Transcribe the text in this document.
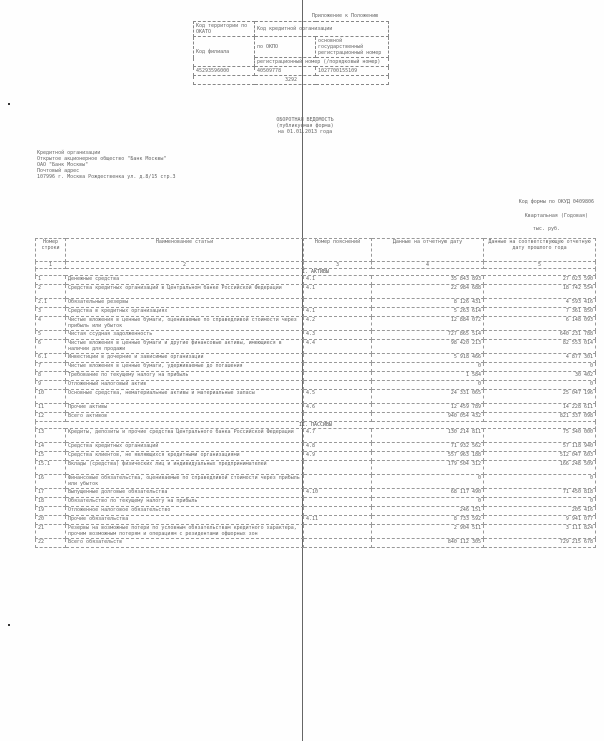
Приложение к Положению
Код территории по ОКАТО	Код кредитной организации	
Код филиала	по ОКПО	основной государственный регистрационный номер
	регистрационный номер (/порядковый номер)	
45293596000	40509778	1027700155109
3292		
ОБОРОТНАЯ ВЕДОМОСТЬ
(публикуемая форма)
на 01.01.2013 года
Кредитной организации
Открытое акционерное общество "Банк Москвы"
ОАО "Банк Москвы"
Почтовый адрес
107996 г. Москва Рождественка ул. д.8/15 стр.3
Код формы по ОКУД 0409806
Квартальная (Годовая)
тыс. руб.
Номер строки	Наименование статьи	Номер пояснений	Данные на отчетную дату	Данные на соответствующую отчетную дату прошлого года
1	2	3	4	5
I. АКТИВЫ				
1	Денежные средства	4.1	35 843 893	27 023 590
2	Средства кредитных организаций в Центральном банке Российской Федерации	4.1	22 984 688	18 742 554
2.1	Обязательные резервы		8 126 431	4 593 416
3	Средства в кредитных организациях	4.1	5 263 614	7 361 850
4	Чистые вложения в ценные бумаги, оцениваемые по справедливой стоимости через прибыль или убыток	4.2	12 884 072	6 148 093
5	Чистая ссудная задолженность	4.3	727 865 514	640 231 788
6	Чистые вложения в ценные бумаги и другие финансовые активы, имеющиеся в наличии для продажи	4.4	98 420 213	82 553 014
6.1	Инвестиции в дочерние и зависимые организации		5 918 466	4 877 301
7	Чистые вложения в ценные бумаги, удерживаемые до погашения		0	0
8	Требование по текущему налогу на прибыль		1 584	30 402
9	Отложенный налоговый актив		0	0
10	Основные средства, нематериальные активы и материальные запасы	4.5	24 331 065	25 047 196
11	Прочие активы	4.6	12 459 789	14 228 611
12	Всего активов		940 054 432	821 337 098
II. ПАССИВЫ				
13	Кредиты, депозиты и прочие средства Центрального банка Российской Федерации	4.7	130 214 811	75 340 000
14	Средства кредитных организаций	4.8	71 932 562	57 118 940
15	Средства клиентов, не являющихся кредитными организациями	4.9	557 963 188	512 047 603
15.1	Вклады (средства) физических лиц и индивидуальных предпринимателей		179 504 312	166 248 509
16	Финансовые обязательства, оцениваемые по справедливой стоимости через прибыль или убыток		0	0
17	Выпущенные долговые обязательства	4.10	68 117 490	71 450 818
18	Обязательство по текущему налогу на прибыль		0	0
19	Отложенное налоговое обязательство		246 151	205 416
20	Прочие обязательства	4.11	8 733 592	9 941 077
21	Резервы на возможные потери по условным обязательствам кредитного характера, прочим возможным потерям и операциям с резидентами офшорных зон		2 904 511	3 111 824
22	Всего обязательств		840 112 305	729 215 678
